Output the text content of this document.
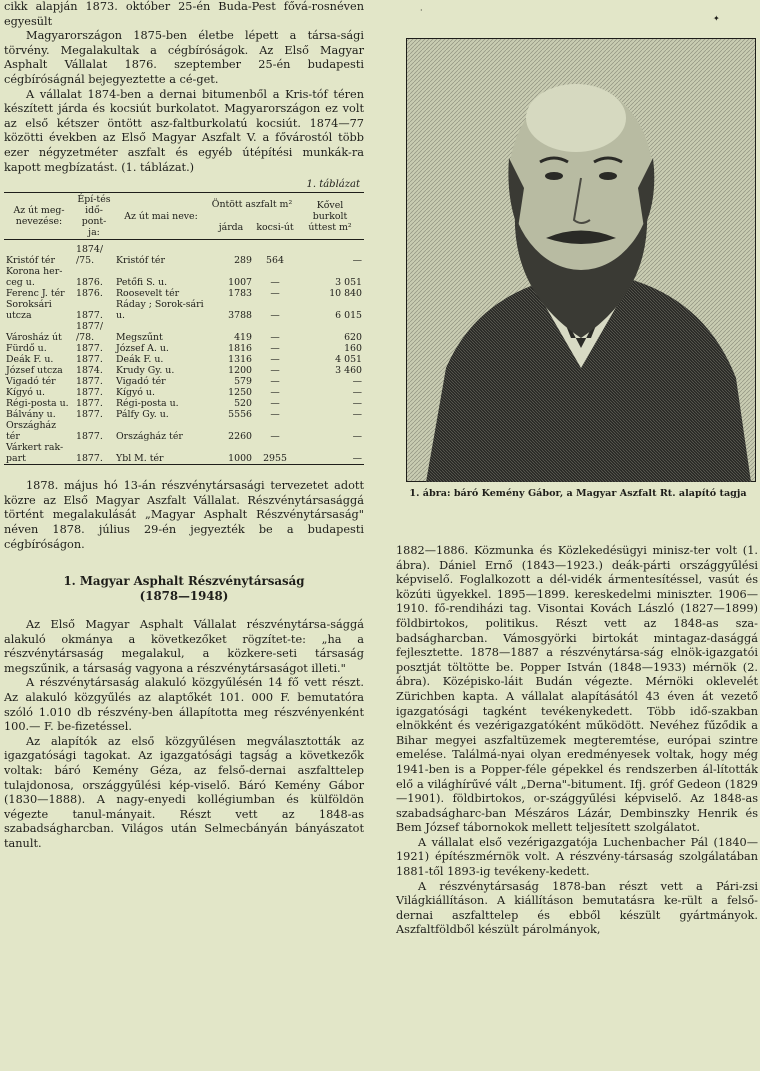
cikk alapján 1873. október 25-én Buda-Pest fővá-rosnéven egyesült

Magyarországon 1875-ben életbe lépett a társa-sági törvény. Megalakultak a cégbíróságok. Az Első Magyar Asphalt Vállalat 1876. szeptember 25-én budapesti cégbíróságnál bejegyeztette a cé-get.

A vállalat 1874-ben a dernai bitumenből a Kris-tóf téren készített járda és kocsiút burkolatot. Magyarországon ez volt az első kétszer öntött asz-faltburkolatú kocsiút. 1874—77 közötti években az Első Magyar Aszfalt V. a fővárostól több ezer négyzetméter aszfalt és egyéb útépítési munkák-ra kapott megbízatást. (1. táblázat.)

1. táblázat
Az út meg-nevezése:	Épí-tés idő-pont-ja:	Az út mai neve:	Öntött aszfalt m²		Kővel burkolt úttest m²
			járda	kocsi-út	
Kristóf tér	1874/ /75.	Kristóf tér	289	564	—
Korona her-ceg u.	1876.	Petőfi S. u.	1007	—	3 051
Ferenc J. tér	1876.	Roosevelt tér	1783	—	10 840
Soroksári utcza	1877.	Ráday ; Sorok-sári u.	3788	—	6 015
Városház út	1877/ /78.	Megszűnt	419	—	620
Fürdő u.	1877.	József A. u.	1816	—	160
Deák F. u.	1877.	Deák F. u.	1316	—	4 051
József utcza	1874.	Krudy Gy. u.	1200	—	3 460
Vigadó tér	1877.	Vigadó tér	579	—	—
Kígyó u.	1877.	Kígyó u.	1250	—	—
Régi-posta u.	1877.	Régi-posta u.	520	—	—
Bálvány u.	1877.	Pálfy Gy. u.	5556	—	—
Országház tér	1877.	Országház tér	2260	—	—
Várkert rak-part	1877.	Ybl M. tér	1000	2955	—

1878. május hó 13-án részvénytársasági tervezetet adott közre az Első Magyar Aszfalt Vállalat. Részvénytársasággá történt megalakulását „Magyar Asphalt Részvénytársaság" néven 1878. július 29-én jegyezték be a budapesti cégbíróságon.

1. Magyar Asphalt Részvénytársaság
(1878—1948)

Az Első Magyar Asphalt Vállalat részvénytársa-sággá alakuló okmánya a következőket rögzítet-te: „ha a részvénytársaság megalakul, a közkere-seti társaság megszűnik, a társaság vagyona a részvénytársaságot illeti."

A részvénytársaság alakuló közgyűlésén 14 fő vett részt. Az alakuló közgyűlés az alaptőkét 101. 000 F. bemutatóra szóló 1.010 db részvény-ben állapította meg részvényenként 100.— F. be-fizetéssel.

Az alapítók az első közgyűlésen megválasztották az igazgatósági tagokat. Az igazgatósági tagság a következők voltak: báró Kemény Géza, az felső-dernai aszfalttelep tulajdonosa, országgyűlési kép-viselő. Báró Kemény Gábor (1830—1888). A nagy-enyedi kollégiumban és külföldön végezte tanul-mányait. Részt vett az 1848-as szabadságharcban. Világos után Selmecbányán bányászatot tanult.

·
✦
1. ábra: báró Kemény Gábor, a Magyar Aszfalt Rt. alapító tagja

1882—1886. Közmunka és Közlekedésügyi minisz-ter volt (1. ábra). Dániel Ernő (1843—1923.) deák-párti országgyűlési képviselő. Foglalkozott a dél-vidék ármentesítéssel, vasút és közúti ügyekkel. 1895—1899. kereskedelmi miniszter. 1906—1910. fő-rendiházi tag. Visontai Kovách László (1827—1899) földbirtokos, politikus. Részt vett az 1848-as sza-badságharcban. Vámosgyörki birtokát mintagaz-dasággá fejlesztette. 1878—1887 a részvénytársa-ság elnök-igazgatói posztját töltötte be. Popper István (1848—1933) mérnök (2. ábra). Középisko-láit Budán végezte. Mérnöki oklevelét Zürichben kapta. A vállalat alapításától 43 éven át vezető igazgatósági tagként tevékenykedett. Több idő-szakban elnökként és vezérigazgatóként működött. Nevéhez fűződik a Bihar megyei aszfaltüzemek megteremtése, európai szintre emelése. Találmá-nyai olyan eredményesek voltak, hogy még 1941-ben is a Popper-féle gépekkel és rendszerben ál-lították elő a világhírűvé vált „Derna"-bitument. Ifj. gróf Gedeon (1829—1901). földbirtokos, or-szággyűlési képviselő. Az 1848-as szabadságharc-ban Mészáros Lázár, Dembinszky Henrik és Bem József tábornokok mellett teljesített szolgálatot.

A vállalat első vezérigazgatója Luchenbacher Pál (1840—1921) építészmérnök volt. A részvény-társaság szolgálatában 1881-től 1893-ig tevékeny-kedett.

A részvénytársaság 1878-ban részt vett a Pári-zsi Világkiállításon. A kiállításon bemutatásra ke-rült a felső-dernai aszfalttelep és ebből készült gyártmányok. Aszfaltföldből készült párolmányok,
